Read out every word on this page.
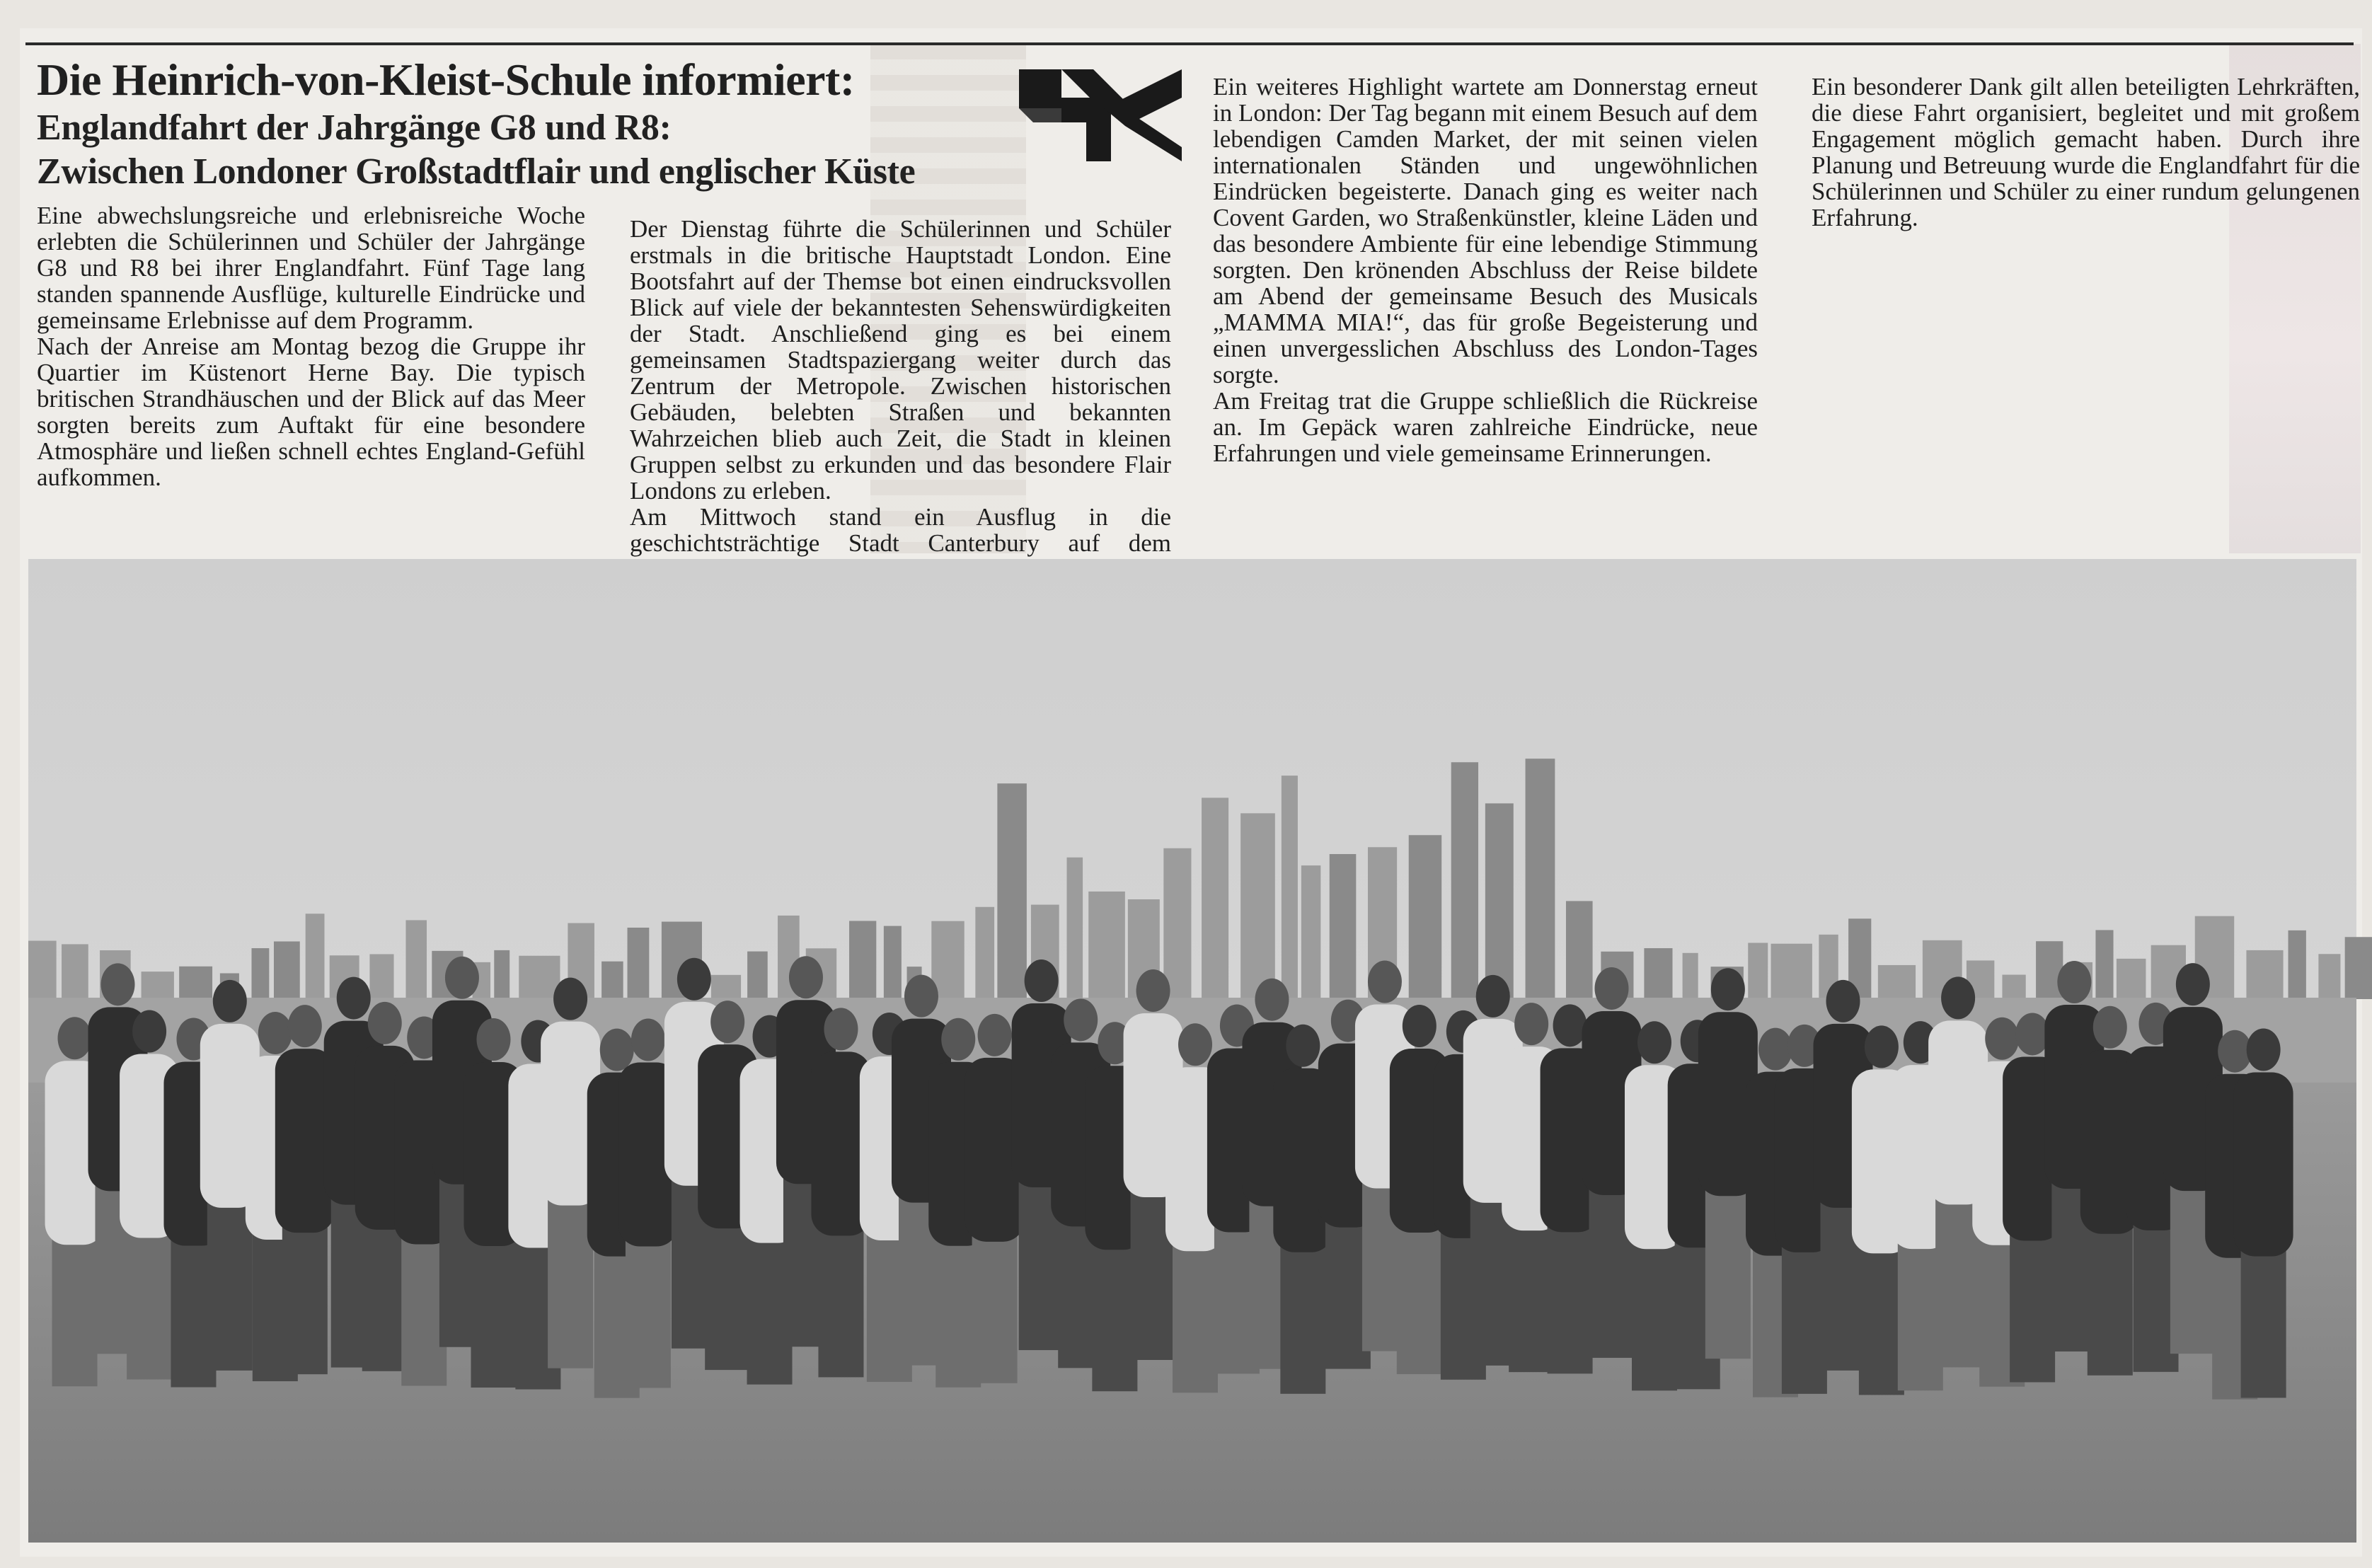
Die Heinrich-von-Kleist-Schule informiert:
Englandfahrt der Jahrgänge G8 und R8:
Zwischen Londoner Großstadtflair und englischer Küste

Eine abwechslungsreiche und erlebnisreiche Woche erlebten die Schülerinnen und Schüler der Jahrgänge G8 und R8 bei ihrer Englandfahrt. Fünf Tage lang standen spannende Ausflüge, kulturelle Eindrücke und gemeinsame Erlebnisse auf dem Programm.

Nach der Anreise am Montag bezog die Gruppe ihr Quartier im Küstenort Herne Bay. Die typisch britischen Strandhäuschen und der Blick auf das Meer sorgten bereits zum Auftakt für eine besondere Atmosphäre und ließen schnell echtes England-Gefühl aufkommen.

Der Dienstag führte die Schülerinnen und Schüler erstmals in die britische Hauptstadt London. Eine Bootsfahrt auf der Themse bot einen eindrucksvollen Blick auf viele der bekanntesten Sehenswürdigkeiten der Stadt. Anschließend ging es bei einem gemeinsamen Stadtspaziergang weiter durch das Zentrum der Metropole. Zwischen historischen Gebäuden, belebten Straßen und bekannten Wahrzeichen blieb auch Zeit, die Stadt in kleinen Gruppen selbst zu erkunden und das besondere Flair Londons zu erleben.

Am Mittwoch stand ein Ausflug in die geschichtsträchtige Stadt Canterbury auf dem

Ein weiteres Highlight wartete am Donnerstag erneut in London: Der Tag begann mit einem Besuch auf dem lebendigen Camden Market, der mit seinen vielen internationalen Ständen und ungewöhnlichen Eindrücken begeisterte. Danach ging es weiter nach Covent Garden, wo Straßenkünstler, kleine Läden und das besondere Ambiente für eine lebendige Stimmung sorgten. Den krönenden Abschluss der Reise bildete am Abend der gemeinsame Besuch des Musicals „MAMMA MIA!“, das für große Begeisterung und einen unvergesslichen Abschluss des London-Tages sorgte.

Am Freitag trat die Gruppe schließlich die Rückreise an. Im Gepäck waren zahlreiche Eindrücke, neue Erfahrungen und viele gemeinsame Erinnerungen.

Ein besonderer Dank gilt allen beteiligten Lehrkräften, die diese Fahrt organisiert, begleitet und mit großem Engagement möglich gemacht haben. Durch ihre Planung und Betreuung wurde die Englandfahrt für die Schülerinnen und Schüler zu einer rundum gelungenen Erfahrung.
